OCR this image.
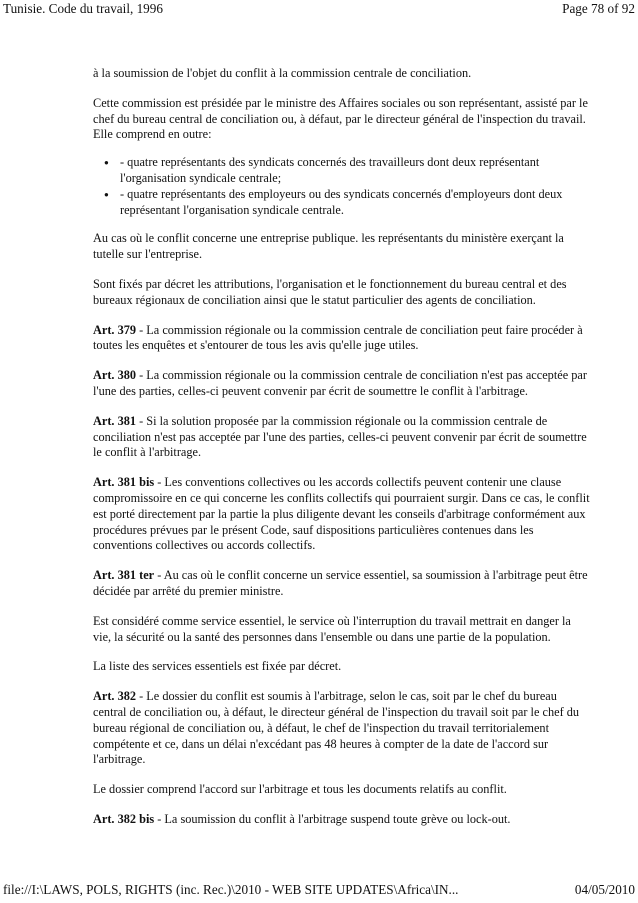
Tunisie. Code du travail, 1996	Page 78 of 92

à la soumission de l'objet du conflit à la commission centrale de conciliation.

Cette commission est présidée par le ministre des Affaires sociales ou son représentant, assisté par le chef du bureau central de conciliation ou, à défaut, par le directeur général de l'inspection du travail. Elle comprend en outre:

● - quatre représentants des syndicats concernés des travailleurs dont deux représentant l'organisation syndicale centrale;
● - quatre représentants des employeurs ou des syndicats concernés d'employeurs dont deux représentant l'organisation syndicale centrale.

Au cas où le conflit concerne une entreprise publique. les représentants du ministère exerçant la tutelle sur l'entreprise.

Sont fixés par décret les attributions, l'organisation et le fonctionnement du bureau central et des bureaux régionaux de conciliation ainsi que le statut particulier des agents de conciliation.

Art. 379 - La commission régionale ou la commission centrale de conciliation peut faire procéder à toutes les enquêtes et s'entourer de tous les avis qu'elle juge utiles.

Art. 380 - La commission régionale ou la commission centrale de conciliation n'est pas acceptée par l'une des parties, celles-ci peuvent convenir par écrit de soumettre le conflit à l'arbitrage.

Art. 381 - Si la solution proposée par la commission régionale ou la commission centrale de conciliation n'est pas acceptée par l'une des parties, celles-ci peuvent convenir par écrit de soumettre le conflit à l'arbitrage.

Art. 381 bis - Les conventions collectives ou les accords collectifs peuvent contenir une clause compromissoire en ce qui concerne les conflits collectifs qui pourraient surgir. Dans ce cas, le conflit est porté directement par la partie la plus diligente devant les conseils d'arbitrage conformément aux procédures prévues par le présent Code, sauf dispositions particulières contenues dans les conventions collectives ou accords collectifs.

Art. 381 ter - Au cas où le conflit concerne un service essentiel, sa soumission à l'arbitrage peut être décidée par arrêté du premier ministre.

Est considéré comme service essentiel, le service où l'interruption du travail mettrait en danger la vie, la sécurité ou la santé des personnes dans l'ensemble ou dans une partie de la population.

La liste des services essentiels est fixée par décret.

Art. 382 - Le dossier du conflit est soumis à l'arbitrage, selon le cas, soit par le chef du bureau central de conciliation ou, à défaut, le directeur général de l'inspection du travail soit par le chef du bureau régional de conciliation ou, à défaut, le chef de l'inspection du travail territorialement compétente et ce, dans un délai n'excédant pas 48 heures à compter de la date de l'accord sur l'arbitrage.

Le dossier comprend l'accord sur l'arbitrage et tous les documents relatifs au conflit.

Art. 382 bis - La soumission du conflit à l'arbitrage suspend toute grève ou lock-out.

file://I:\LAWS, POLS, RIGHTS (inc. Rec.)\2010 - WEB SITE UPDATES\Africa\IN...	04/05/2010
